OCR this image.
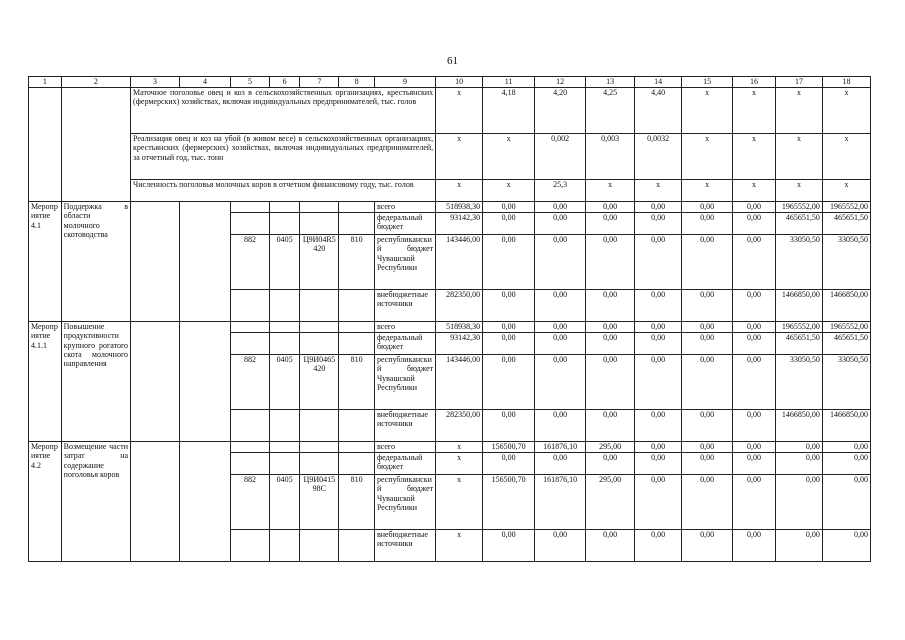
61
1	2	3	4	5	6	7	8	9	10	11	12	13	14	15	16	17	18
		Маточное поголовье овец и коз в сельскохозяйственных организациях, крестьянских (фермерских) хозяйствах, включая индивидуальных предпринимателей, тыс. голов							x	4,18	4,20	4,25	4,40	x	x	x	x
		Реализация овец и коз на убой (в живом весе) в сельскохозяйственных организациях, крестьянских (фермерских) хозяйствах, включая индивидуальных предпринимателей, за отчетный год, тыс. тонн							x	x	0,002	0,003	0,0032	x	x	x	x
		Численность поголовья молочных коров в отчетном финансовому году, тыс. голов							x	x	25,3	x	x	x	x	x	x
Мероприятие 4.1	Поддержка в области молочного скотоводства							всего	518938,30	0,00	0,00	0,00	0,00	0,00	0,00	1965552,00	1965552,00
								федеральный бюджет	93142,30	0,00	0,00	0,00	0,00	0,00	0,00	465651,50	465651,50
				882	0405	Ц9И04R5420	810	республиканский бюджет Чувашской Республики	143446,00	0,00	0,00	0,00	0,00	0,00	0,00	33050,50	33050,50
								внебюджетные источники	282350,00	0,00	0,00	0,00	0,00	0,00	0,00	1466850,00	1466850,00
Мероприятие 4.1.1	Повышение продуктивности крупного рогатого скота молочного направления							всего	518938,30	0,00	0,00	0,00	0,00	0,00	0,00	1965552,00	1965552,00
								федеральный бюджет	93142,30	0,00	0,00	0,00	0,00	0,00	0,00	465651,50	465651,50
				882	0405	Ц9И0465420	810	республиканский бюджет Чувашской Республики	143446,00	0,00	0,00	0,00	0,00	0,00	0,00	33050,50	33050,50
								внебюджетные источники	282350,00	0,00	0,00	0,00	0,00	0,00	0,00	1466850,00	1466850,00
Мероприятие 4.2	Возмещение части затрат на содержание поголовья коров							всего	x	156500,70	161876,10	295,00	0,00	0,00	0,00	0,00	0,00
								федеральный бюджет	x	0,00	0,00	0,00	0,00	0,00	0,00	0,00	0,00
				882	0405	Ц9И041598С	810	республиканский бюджет Чувашской Республики	x	156500,70	161876,10	295,00	0,00	0,00	0,00	0,00	0,00
								внебюджетные источники	x	0,00	0,00	0,00	0,00	0,00	0,00	0,00	0,00
